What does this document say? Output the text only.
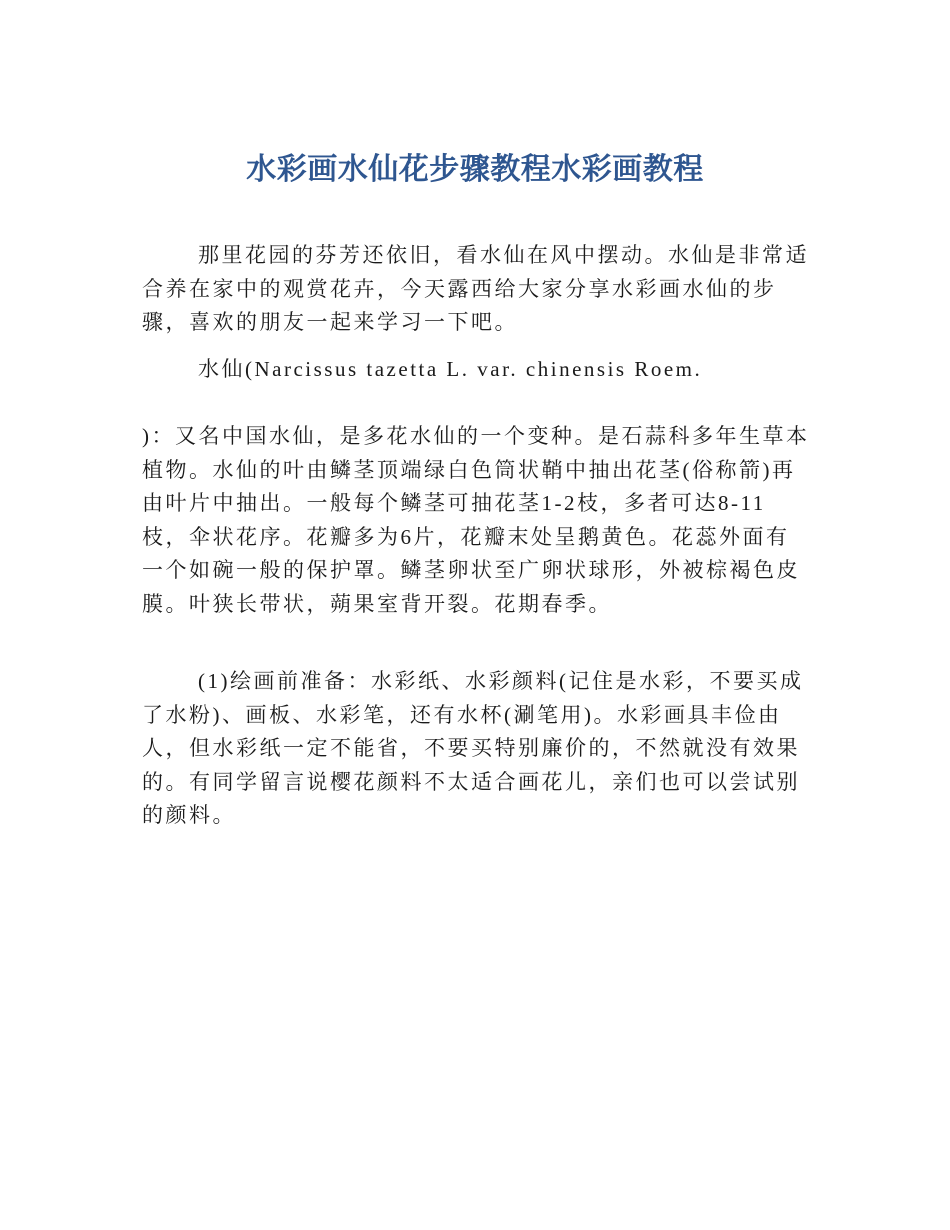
水彩画水仙花步骤教程水彩画教程

那里花园的芬芳还依旧，看水仙在风中摆动。水仙是非常适合养在家中的观赏花卉，今天露西给大家分享水彩画水仙的步骤，喜欢的朋友一起来学习一下吧。

水仙(Narcissus tazetta L. var. chinensis Roem.

)：又名中国水仙，是多花水仙的一个变种。是石蒜科多年生草本植物。水仙的叶由鳞茎顶端绿白色筒状鞘中抽出花茎(俗称箭)再由叶片中抽出。一般每个鳞茎可抽花茎1-2枝，多者可达8-11枝，伞状花序。花瓣多为6片，花瓣末处呈鹅黄色。花蕊外面有一个如碗一般的保护罩。鳞茎卵状至广卵状球形，外被棕褐色皮膜。叶狭长带状，蒴果室背开裂。花期春季。

(1)绘画前准备：水彩纸、水彩颜料(记住是水彩，不要买成了水粉)、画板、水彩笔，还有水杯(涮笔用)。水彩画具丰俭由人，但水彩纸一定不能省，不要买特别廉价的，不然就没有效果的。有同学留言说樱花颜料不太适合画花儿，亲们也可以尝试别的颜料。
